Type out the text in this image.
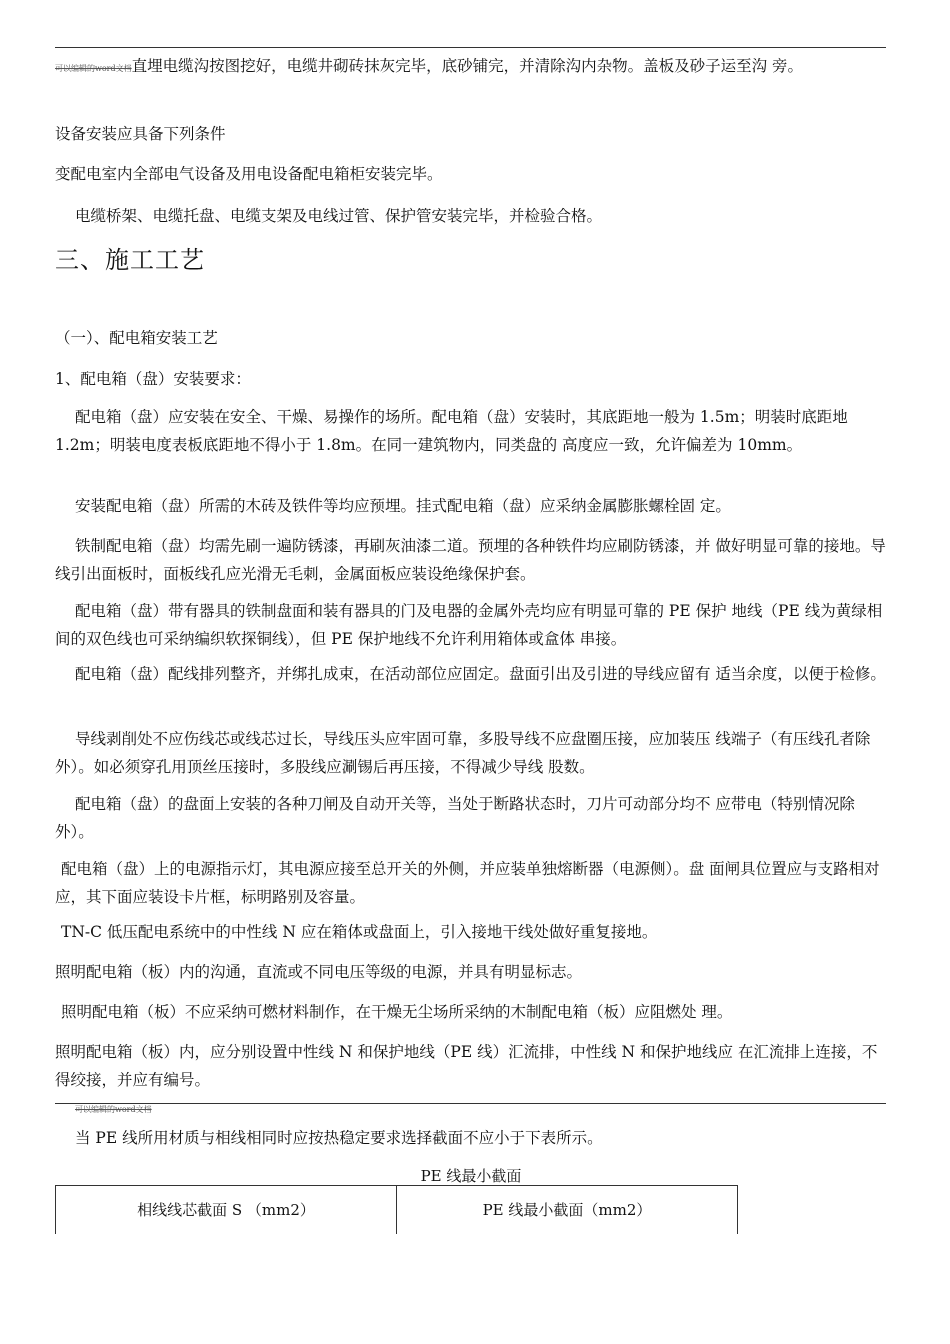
可以编辑的word文档直埋电缆沟按图挖好，电缆井砌砖抹灰完毕，底砂铺完，并清除沟内杂物。盖板及砂子运至沟 旁。

设备安装应具备下列条件

变配电室内全部电气设备及用电设备配电箱柜安装完毕。

电缆桥架、电缆托盘、电缆支架及电线过管、保护管安装完毕，并检验合格。

三、施工工艺

（一）、配电箱安装工艺

1、配电箱（盘）安装要求：

配电箱（盘）应安装在安全、干燥、易操作的场所。配电箱（盘）安装时，其底距地一般为 1.5m；明装时底距地 1.2m；明装电度表板底距地不得小于 1.8m。在同一建筑物内，同类盘的 高度应一致，允许偏差为 10mm。

安装配电箱（盘）所需的木砖及铁件等均应预埋。挂式配电箱（盘）应采纳金属膨胀螺栓固 定。

铁制配电箱（盘）均需先刷一遍防锈漆，再刷灰油漆二道。预埋的各种铁件均应刷防锈漆，并 做好明显可靠的接地。导线引出面板时，面板线孔应光滑无毛刺，金属面板应装设绝缘保护套。

配电箱（盘）带有器具的铁制盘面和装有器具的门及电器的金属外壳均应有明显可靠的 PE 保护 地线（PE 线为黄绿相间的双色线也可采纳编织软探铜线），但 PE 保护地线不允许利用箱体或盒体 串接。

配电箱（盘）配线排列整齐，并绑扎成束，在活动部位应固定。盘面引出及引进的导线应留有 适当余度，以便于检修。

导线剥削处不应伤线芯或线芯过长，导线压头应牢固可靠，多股导线不应盘圈压接，应加装压 线端子（有压线孔者除外）。如必须穿孔用顶丝压接时，多股线应涮锡后再压接，不得减少导线 股数。

配电箱（盘）的盘面上安装的各种刀闸及自动开关等，当处于断路状态时，刀片可动部分均不 应带电（特别情况除外）。

配电箱（盘）上的电源指示灯，其电源应接至总开关的外侧，并应装单独熔断器（电源侧）。盘 面闸具位置应与支路相对应，其下面应装设卡片框，标明路别及容量。

TN-C 低压配电系统中的中性线 N 应在箱体或盘面上，引入接地干线处做好重复接地。

照明配电箱（板）内的沟通，直流或不同电压等级的电源，并具有明显标志。

照明配电箱（板）不应采纳可燃材料制作，在干燥无尘场所采纳的木制配电箱（板）应阻燃处 理。

照明配电箱（板）内，应分别设置中性线 N 和保护地线（PE 线）汇流排，中性线 N 和保护地线应 在汇流排上连接，不得绞接，并应有编号。

可以编辑的word文档

当 PE 线所用材质与相线相同时应按热稳定要求选择截面不应小于下表所示。

PE 线最小截面
相线线芯截面 S （mm2）	PE 线最小截面（mm2）
